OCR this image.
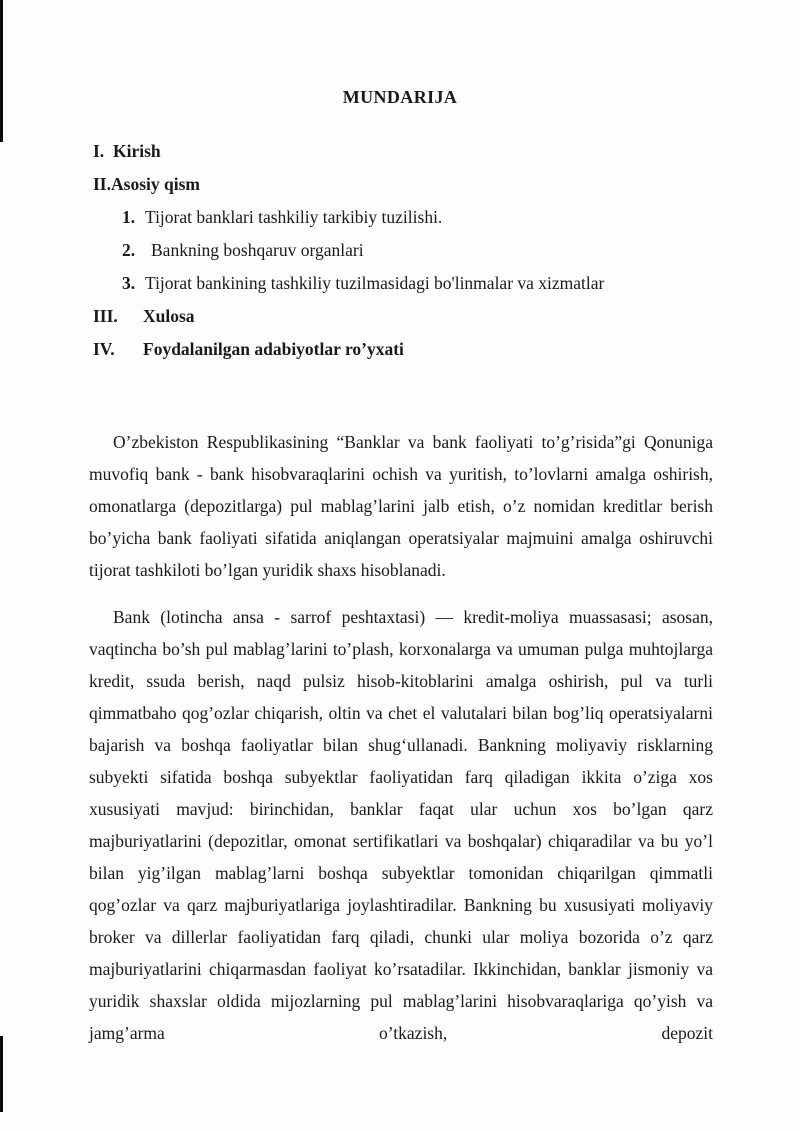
MUNDARIJA
I. Kirish
II.Asosiy qism
1. Tijorat banklari tashkiliy tarkibiy tuzilishi.
2. Bankning boshqaruv organlari
3. Tijorat bankining tashkiliy tuzilmasidagi bo'linmalar va xizmatlar
III. Xulosa
IV. Foydalanilgan adabiyotlar ro’yxati

O’zbekiston Respublikasining “Banklar va bank faoliyati to’g’risida”gi Qonuniga muvofiq bank - bank hisobvaraqlarini ochish va yuritish, to’lovlarni amalga oshirish, omonatlarga (depozitlarga) pul mablag’larini jalb etish, o’z nomidan kreditlar berish bo’yicha bank faoliyati sifatida aniqlangan operatsiyalar majmuini amalga oshiruvchi tijorat tashkiloti bo’lgan yuridik shaxs hisoblanadi.

Bank (lotincha ansa - sarrof peshtaxtasi) — kredit-moliya muassasasi; asosan, vaqtincha bo’sh pul mablag’larini to’plash, korxonalarga va umuman pulga muhtojlarga kredit, ssuda berish, naqd pulsiz hisob-kitoblarini amalga oshirish, pul va turli qimmatbaho qog’ozlar chiqarish, oltin va chet el valutalari bilan bog’liq operatsiyalarni bajarish va boshqa faoliyatlar bilan shug‘ullanadi. Bankning moliyaviy risklarning subyekti sifatida boshqa subyektlar faoliyatidan farq qiladigan ikkita o’ziga xos xususiyati mavjud: birinchidan, banklar faqat ular uchun xos bo’lgan qarz majburiyatlarini (depozitlar, omonat sertifikatlari va boshqalar) chiqaradilar va bu yo’l bilan yig’ilgan mablag’larni boshqa subyektlar tomonidan chiqarilgan qimmatli qog’ozlar va qarz majburiyatlariga joylashtiradilar. Bankning bu xususiyati moliyaviy broker va dillerlar faoliyatidan farq qiladi, chunki ular moliya bozorida o’z qarz majburiyatlarini chiqarmasdan faoliyat ko’rsatadilar. Ikkinchidan, banklar jismoniy va yuridik shaxslar oldida mijozlarning pul mablag’larini hisobvaraqlariga qo’yish va jamg’arma o’tkazish, depozit
